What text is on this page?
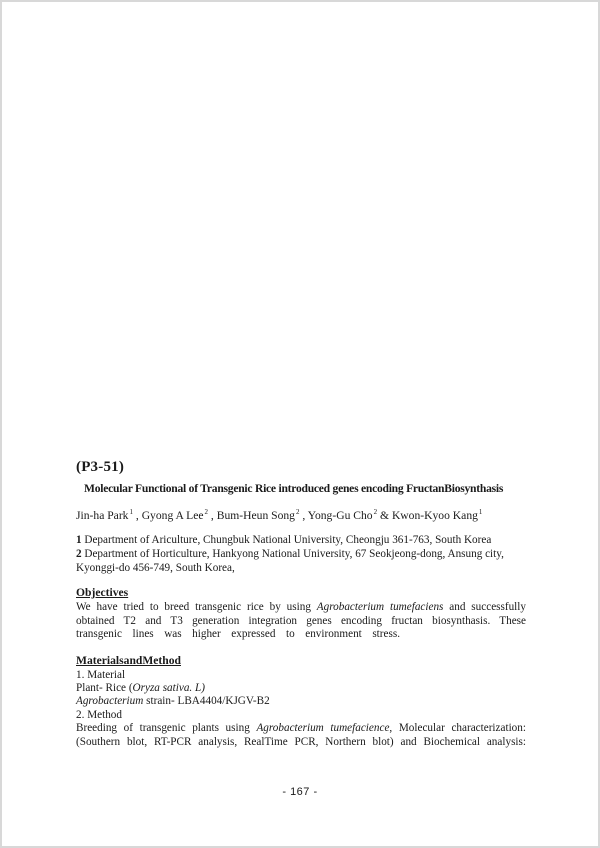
(P3-51)
Molecular Functional of Transgenic Rice introduced genes encoding FructanBiosynthasis
Jin-ha Park$^1$ , Gyong A Lee$^2$ , Bum-Heun Song$^2$ , Yong-Gu Cho$^2$ & Kwon-Kyoo Kang$^1$
1 Department of Ariculture, Chungbuk National University, Cheongju 361-763, South Korea
2 Department of Horticulture, Hankyong National University, 67 Seokjeong-dong, Ansung city,
Kyonggi-do 456-749, South Korea,
Objectives
We have tried to breed transgenic rice by using Agrobacterium tumefaciens and successfully
obtained T2 and T3 generation integration genes encoding fructan biosynthasis. These
transgenic lines was higher expressed to environment stress.
MaterialsandMethod
1. Material
Plant- Rice (Oryza sativa. L)
Agrobacterium strain- LBA4404/KJGV-B2
2. Method
Breeding of transgenic plants using Agrobacterium tumefacience, Molecular characterization:
(Southern blot, RT-PCR analysis, RealTime PCR, Northern blot) and Biochemical analysis:
- 167 -
